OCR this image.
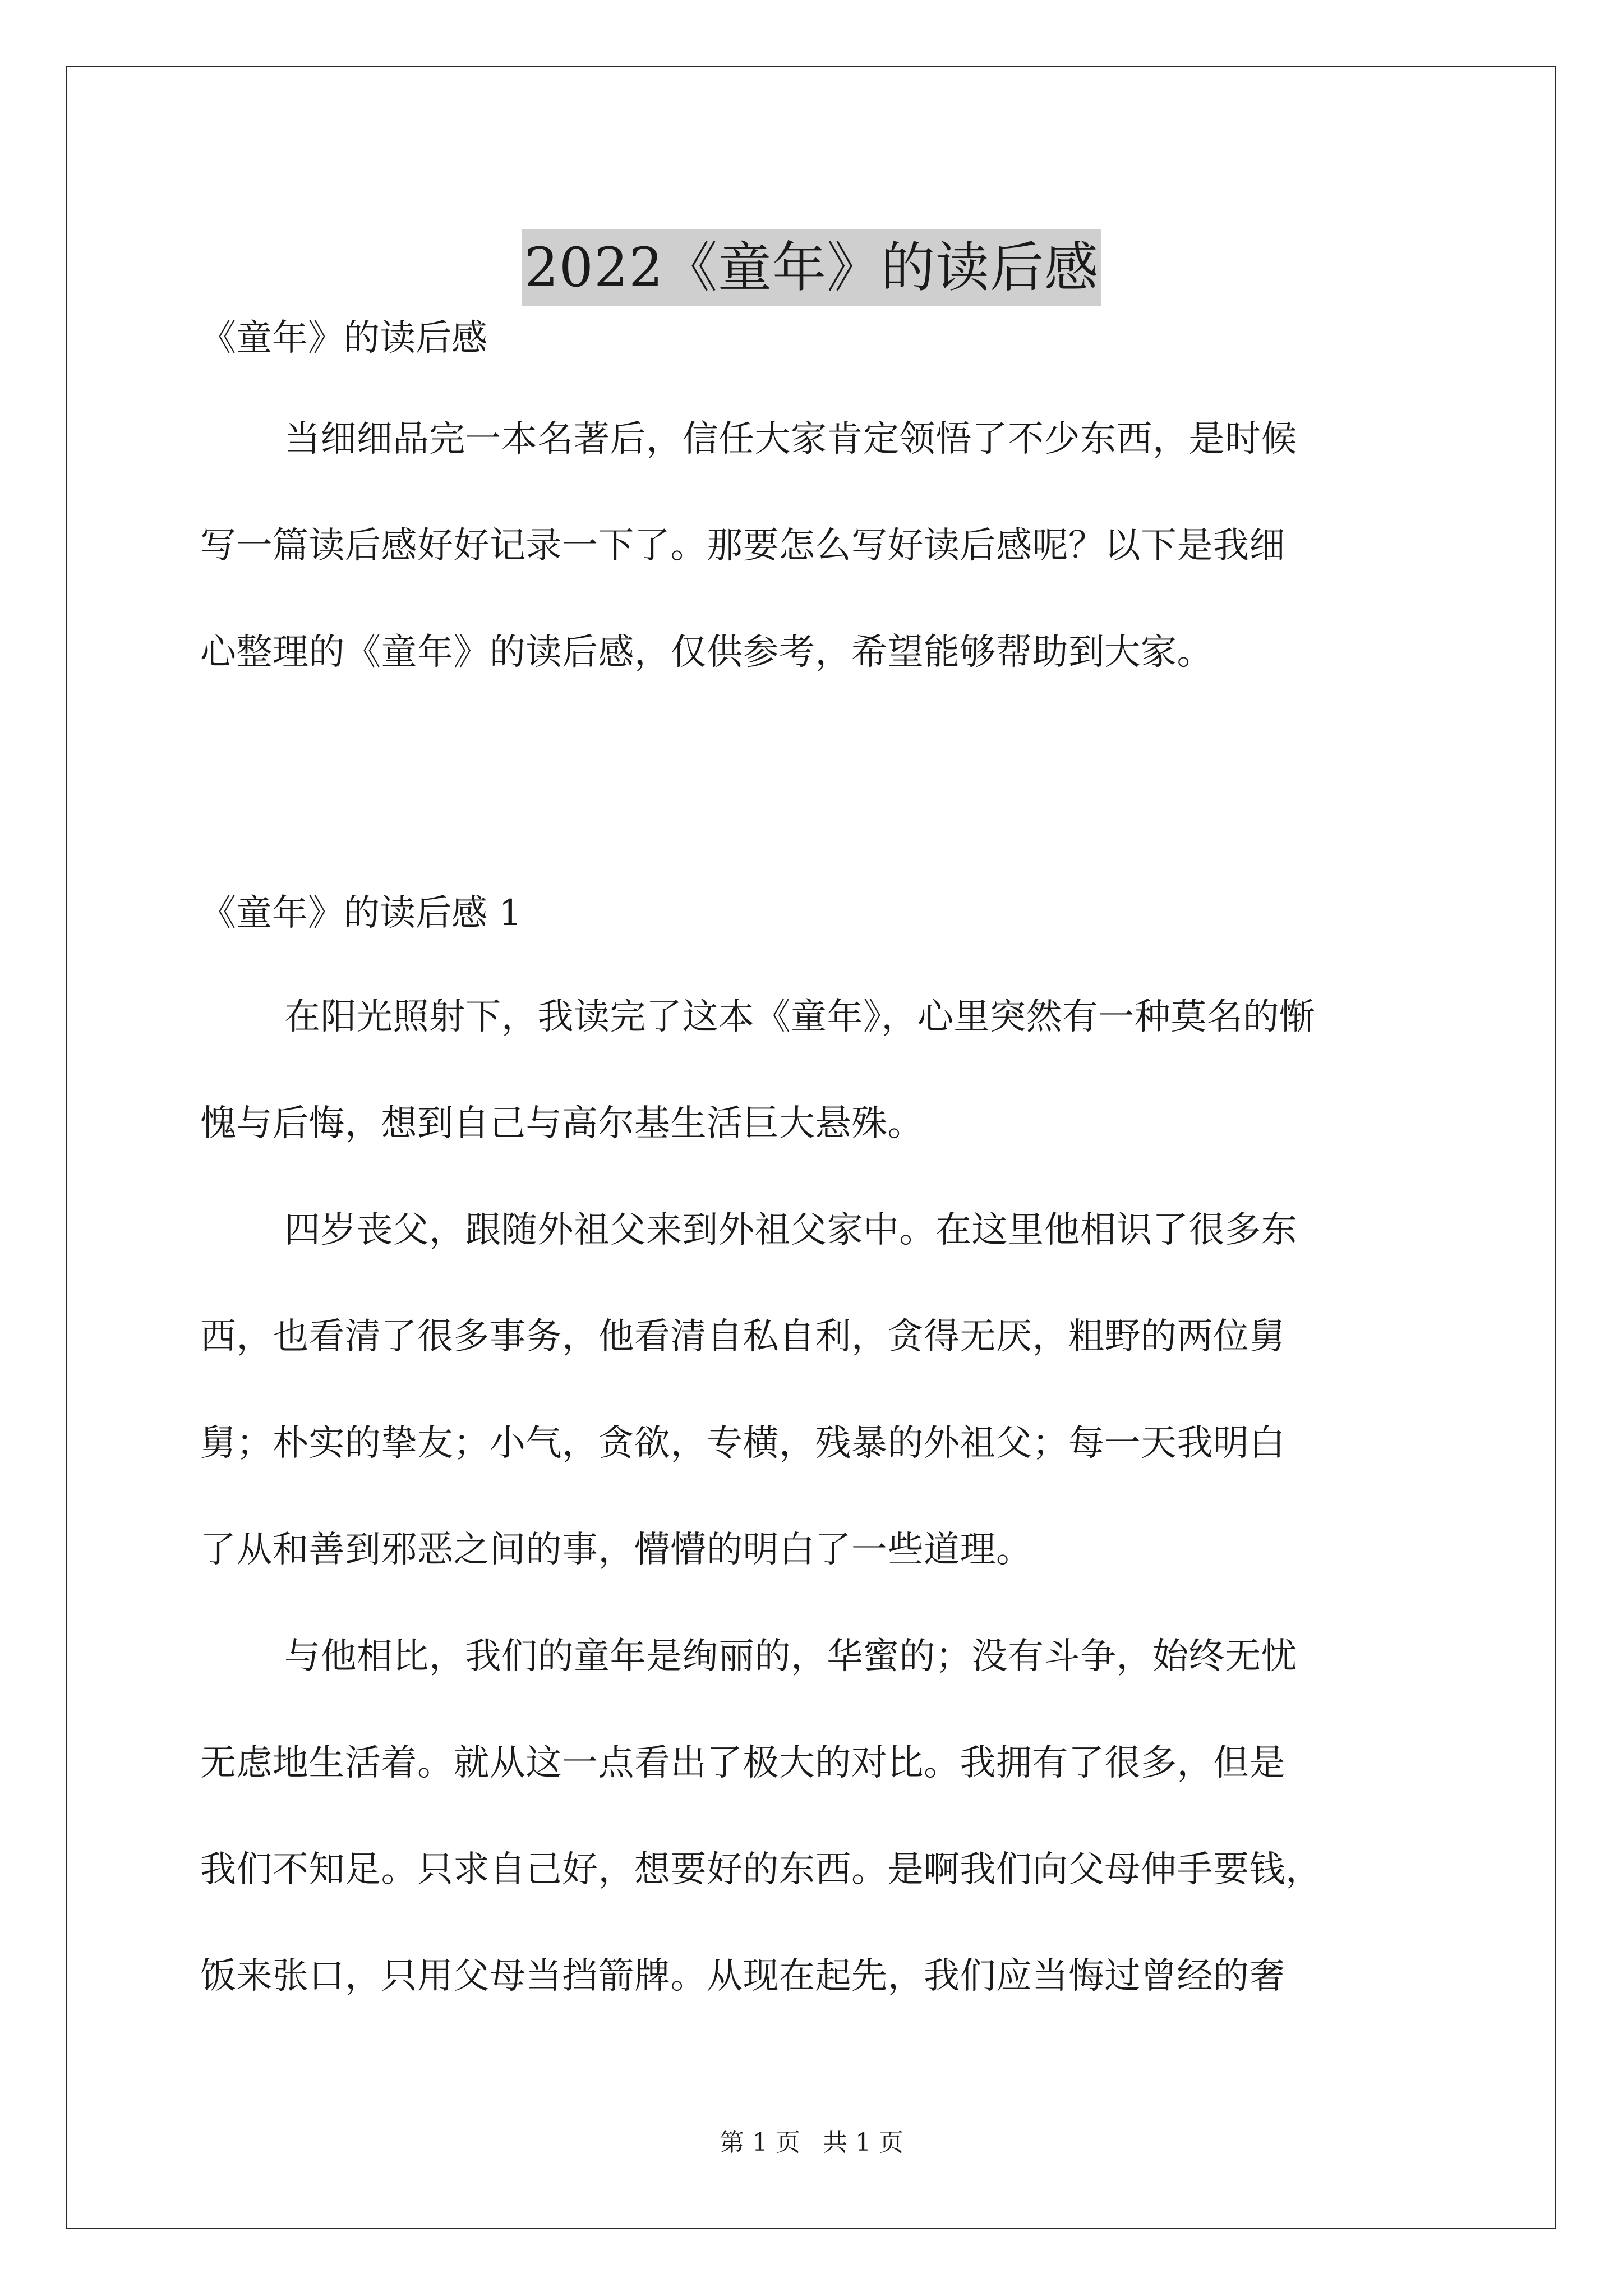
2022《童年》的读后感

《童年》的读后感

当细细品完一本名著后，信任大家肯定领悟了不少东西，是时候

写一篇读后感好好记录一下了。那要怎么写好读后感呢？以下是我细

心整理的《童年》的读后感，仅供参考，希望能够帮助到大家。

《童年》的读后感 1

在阳光照射下，我读完了这本《童年》，心里突然有一种莫名的惭

愧与后悔，想到自己与高尔基生活巨大悬殊。

四岁丧父，跟随外祖父来到外祖父家中。在这里他相识了很多东

西，也看清了很多事务，他看清自私自利，贪得无厌，粗野的两位舅

舅；朴实的挚友；小气，贪欲，专横，残暴的外祖父；每一天我明白

了从和善到邪恶之间的事，懵懵的明白了一些道理。

与他相比，我们的童年是绚丽的，华蜜的；没有斗争，始终无忧

无虑地生活着。就从这一点看出了极大的对比。我拥有了很多，但是

我们不知足。只求自己好，想要好的东西。是啊我们向父母伸手要钱，

饭来张口，只用父母当挡箭牌。从现在起先，我们应当悔过曾经的奢

第 1 页 共 1 页
